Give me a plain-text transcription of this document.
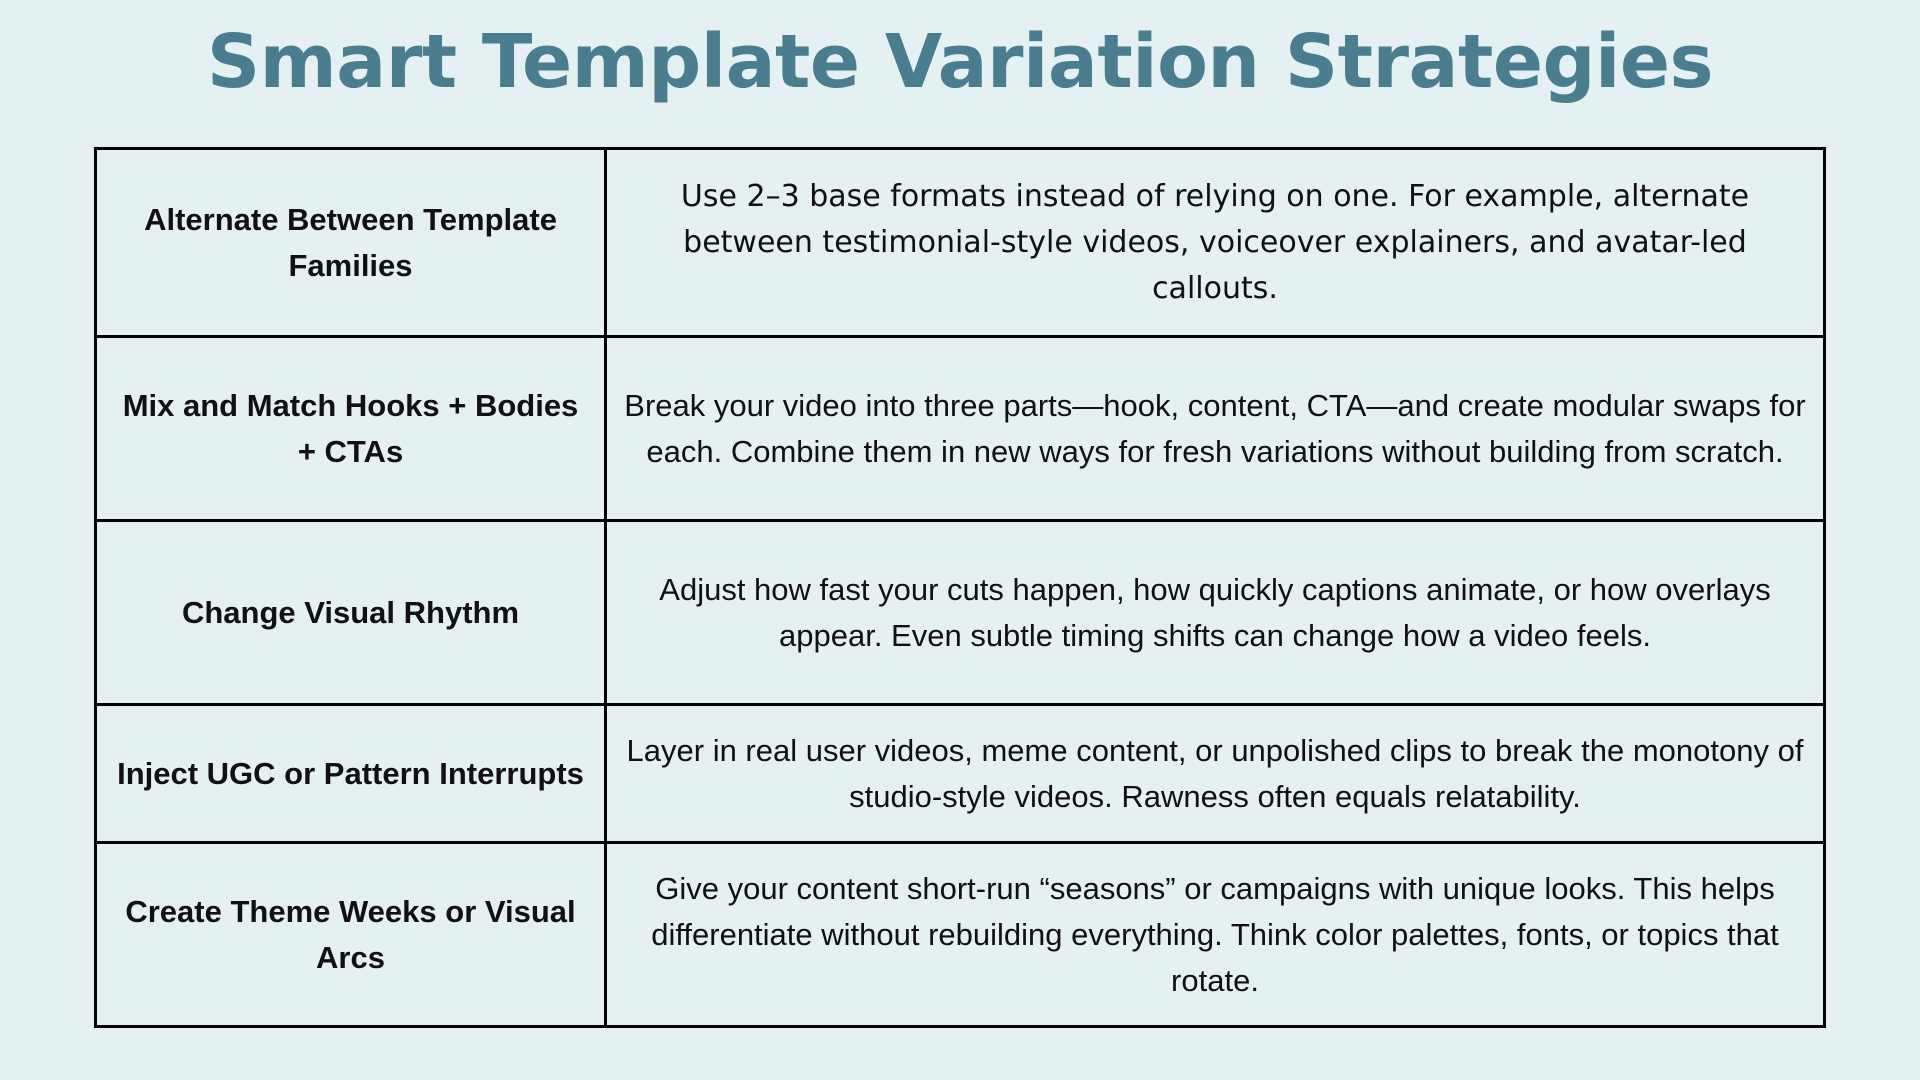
Smart Template Variation Strategies
Alternate Between Template Families	Use 2–3 base formats instead of relying on one. For example, alternate between testimonial-style videos, voiceover explainers, and avatar-led callouts.
Mix and Match Hooks + Bodies + CTAs	Break your video into three parts—hook, content, CTA—and create modular swaps for each. Combine them in new ways for fresh variations without building from scratch.
Change Visual Rhythm	Adjust how fast your cuts happen, how quickly captions animate, or how overlays appear. Even subtle timing shifts can change how a video feels.
Inject UGC or Pattern Interrupts	Layer in real user videos, meme content, or unpolished clips to break the monotony of studio-style videos. Rawness often equals relatability.
Create Theme Weeks or Visual Arcs	Give your content short-run “seasons” or campaigns with unique looks. This helps differentiate without rebuilding everything. Think color palettes, fonts, or topics that rotate.
